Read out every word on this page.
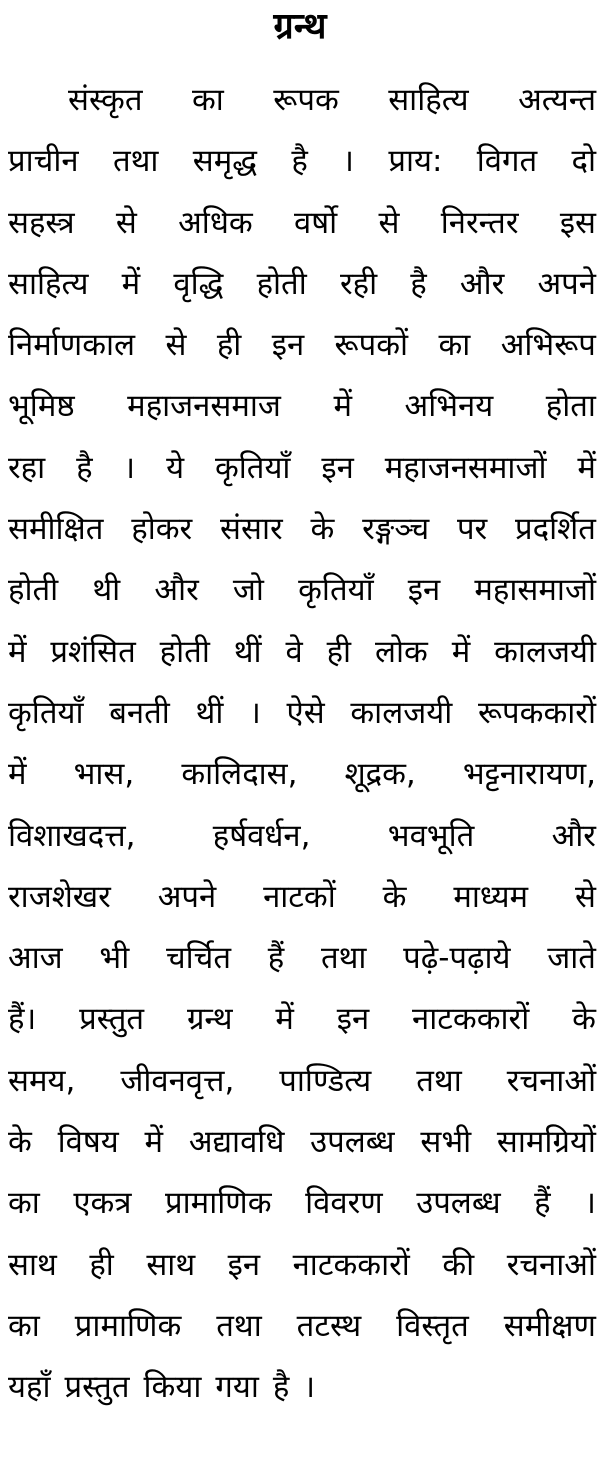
ग्रन्थ
संस्कृत का रूपक साहित्य अत्यन्त
प्राचीन तथा समृद्ध है । प्राय: विगत दो
सहस्त्र से अधिक वर्षो से निरन्तर इस
साहित्य में वृद्धि होती रही है और अपने
निर्माणकाल से ही इन रूपकों का अभिरूप
भूमिष्ठ महाजनसमाज में अभिनय होता
रहा है । ये कृतियाँ इन महाजनसमाजों में
समीक्षित होकर संसार के रङ्गञ्च पर प्रदर्शित
होती थी और जो कृतियाँ इन महासमाजों
में प्रशंसित होती थीं वे ही लोक में कालजयी
कृतियाँ बनती थीं । ऐसे कालजयी रूपककारों
में भास, कालिदास, शूद्रक, भट्टनारायण,
विशाखदत्त, हर्षवर्धन, भवभूति और
राजशेखर अपने नाटकों के माध्यम से
आज भी चर्चित हैं तथा पढ़े-पढ़ाये जाते
हैं। प्रस्तुत ग्रन्थ में इन नाटककारों के
समय, जीवनवृत्त, पाण्डित्य तथा रचनाओं
के विषय में अद्यावधि उपलब्ध सभी सामग्रियों
का एकत्र प्रामाणिक विवरण उपलब्ध हैं ।
साथ ही साथ इन नाटककारों की रचनाओं
का प्रामाणिक तथा तटस्थ विस्तृत समीक्षण
यहाँ प्रस्तुत किया गया है ।
